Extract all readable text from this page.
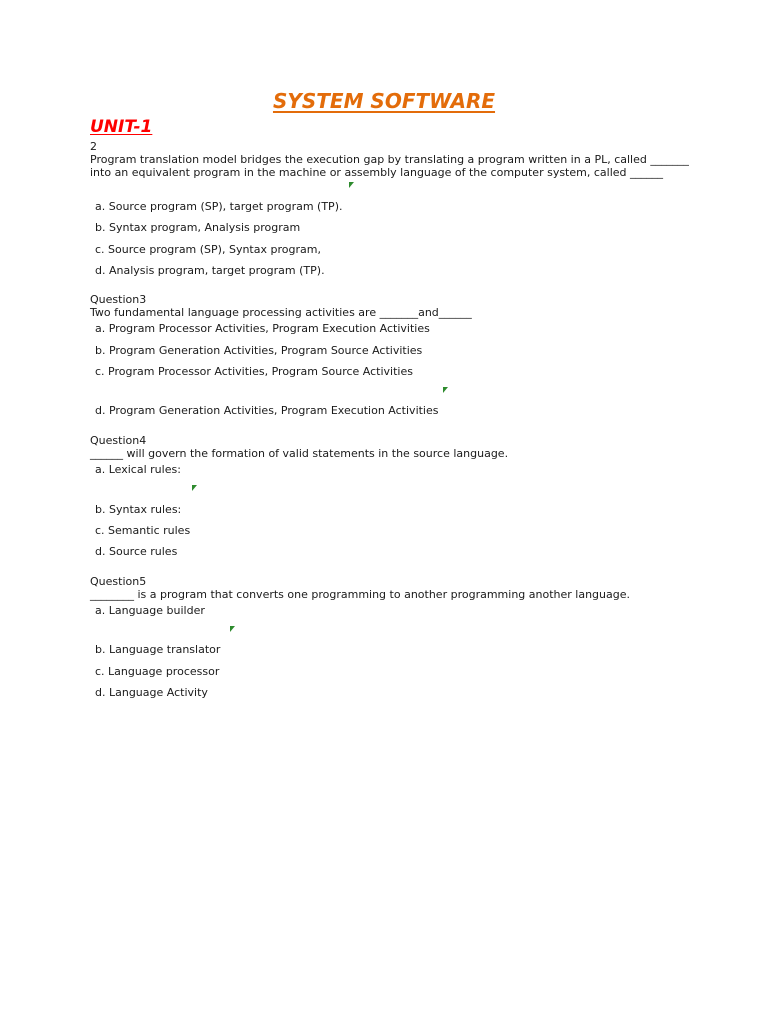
SYSTEM SOFTWARE
UNIT-1
2
Program translation model bridges the execution gap by translating a program written in a PL, called _______ into an equivalent program in the machine or assembly language of the computer system, called ______
a. Source program (SP), target program (TP).
b. Syntax program, Analysis program
c. Source program (SP), Syntax program,
d. Analysis program, target program (TP).
Question3
Two fundamental language processing activities are _______and______
a. Program Processor Activities, Program Execution Activities
b. Program Generation Activities, Program Source Activities
c. Program Processor Activities, Program Source Activities
d. Program Generation Activities, Program Execution Activities
Question4
______ will govern the formation of valid statements in the source language.
a. Lexical rules:
b. Syntax rules:
c. Semantic rules
d. Source rules
Question5
________ is a program that converts one programming to another programming another language.
a. Language builder
b. Language translator
c. Language processor
d. Language Activity
